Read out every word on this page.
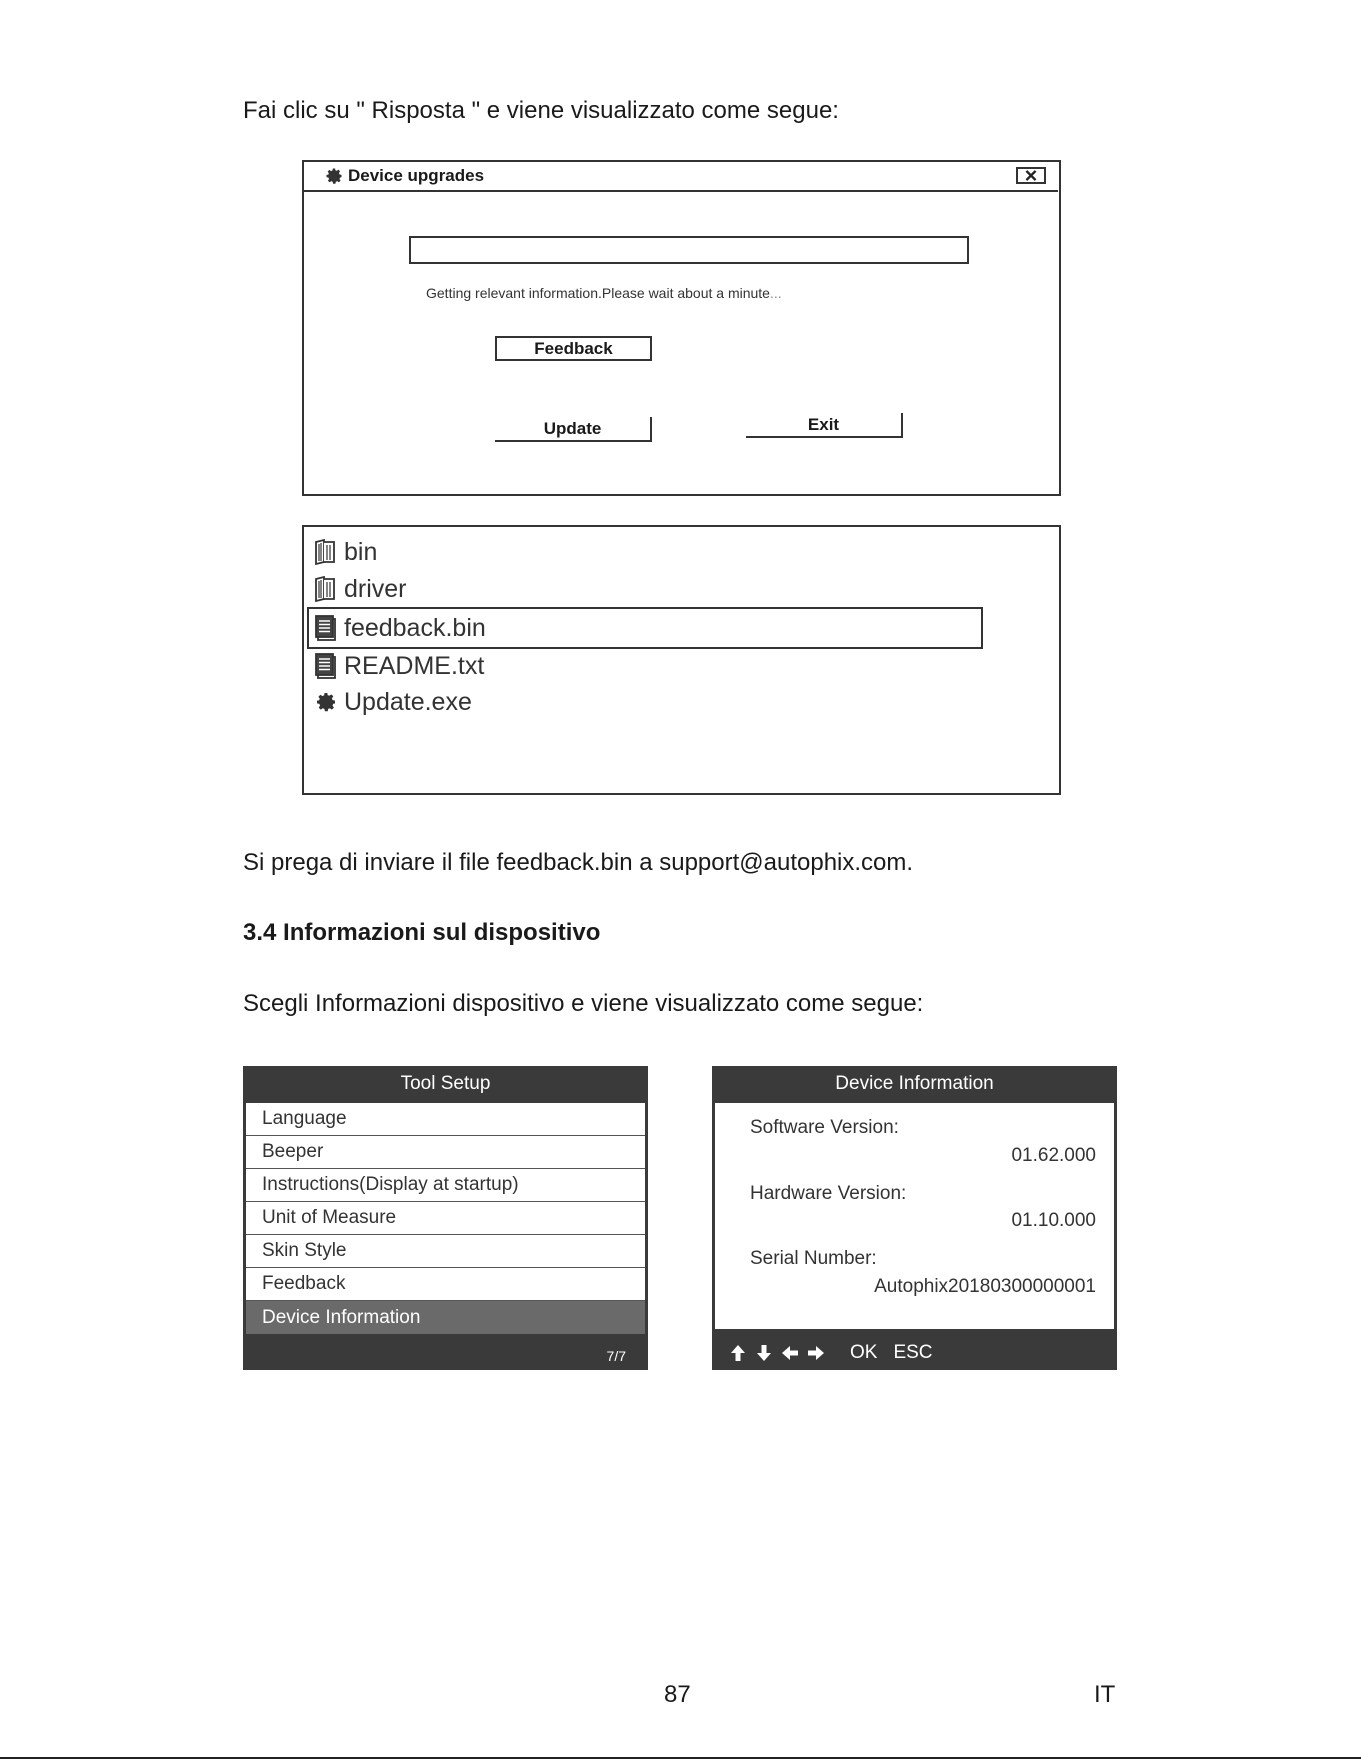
Fai clic su " Risposta " e viene visualizzato come segue:
Device upgrades
Getting relevant information.Please wait about a minute...
Feedback
Update	Exit
bin
driver
feedback.bin
README.txt
Update.exe
Si prega di inviare il file feedback.bin a support@autophix.com.
3.4 Informazioni sul dispositivo
Scegli Informazioni dispositivo e viene visualizzato come segue:
Tool Setup
Language
Beeper
Instructions(Display at startup)
Unit of Measure
Skin Style
Feedback
Device Information
7/7
Device Information
Software Version:
01.62.000
Hardware Version:
01.10.000
Serial Number:
Autophix20180300000001
OK ESC
87	IT
